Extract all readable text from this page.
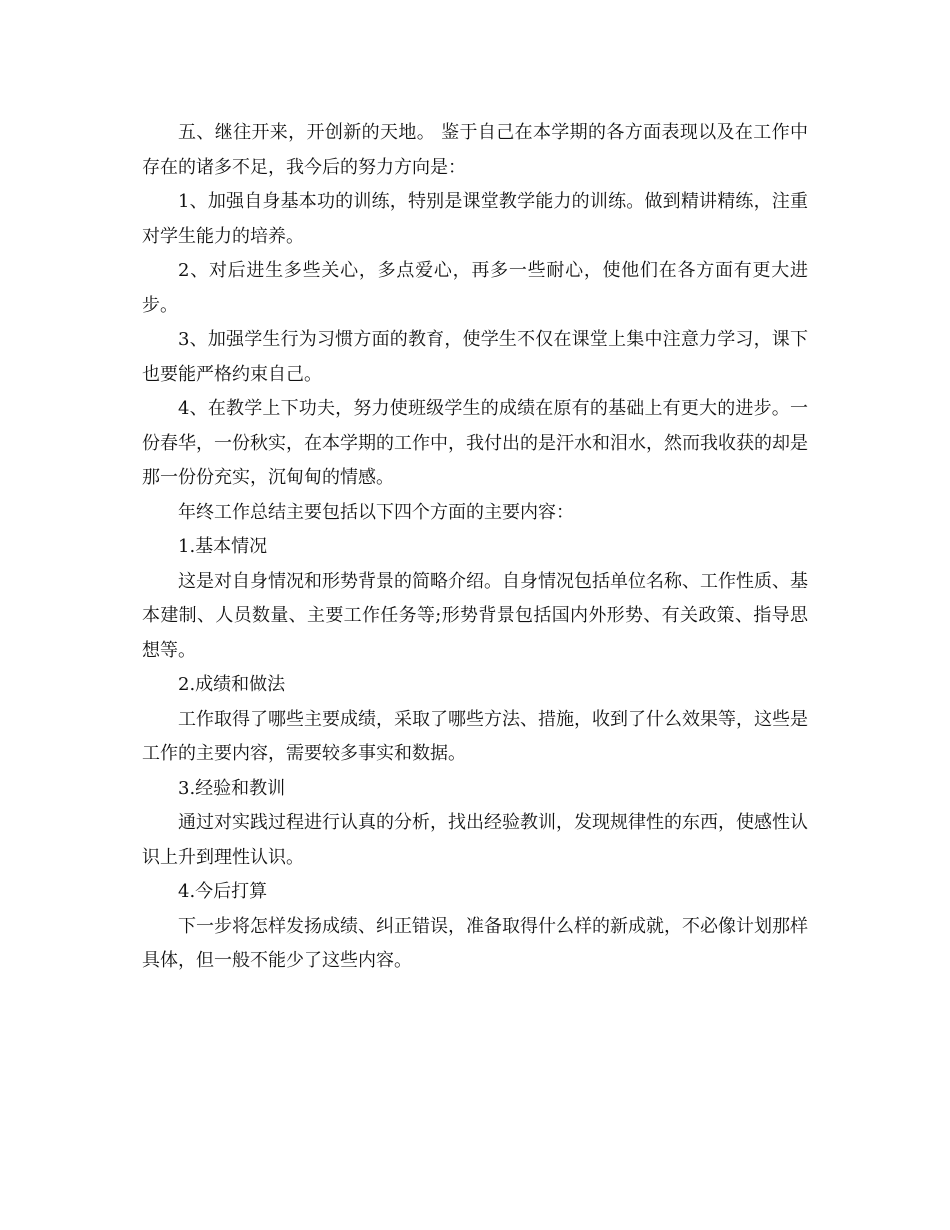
五、继往开来，开创新的天地。 鉴于自己在本学期的各方面表现以及在工作中存在的诸多不足，我今后的努力方向是：

1、加强自身基本功的训练，特别是课堂教学能力的训练。做到精讲精练，注重对学生能力的培养。

2、对后进生多些关心，多点爱心，再多一些耐心，使他们在各方面有更大进步。

3、加强学生行为习惯方面的教育，使学生不仅在课堂上集中注意力学习，课下也要能严格约束自己。

4、在教学上下功夫，努力使班级学生的成绩在原有的基础上有更大的进步。一份春华，一份秋实，在本学期的工作中，我付出的是汗水和泪水，然而我收获的却是那一份份充实，沉甸甸的情感。

年终工作总结主要包括以下四个方面的主要内容：

1.基本情况

这是对自身情况和形势背景的简略介绍。自身情况包括单位名称、工作性质、基本建制、人员数量、主要工作任务等;形势背景包括国内外形势、有关政策、指导思想等。

2.成绩和做法

工作取得了哪些主要成绩，采取了哪些方法、措施，收到了什么效果等，这些是工作的主要内容，需要较多事实和数据。

3.经验和教训

通过对实践过程进行认真的分析，找出经验教训，发现规律性的东西，使感性认识上升到理性认识。

4.今后打算

下一步将怎样发扬成绩、纠正错误，准备取得什么样的新成就，不必像计划那样具体，但一般不能少了这些内容。
